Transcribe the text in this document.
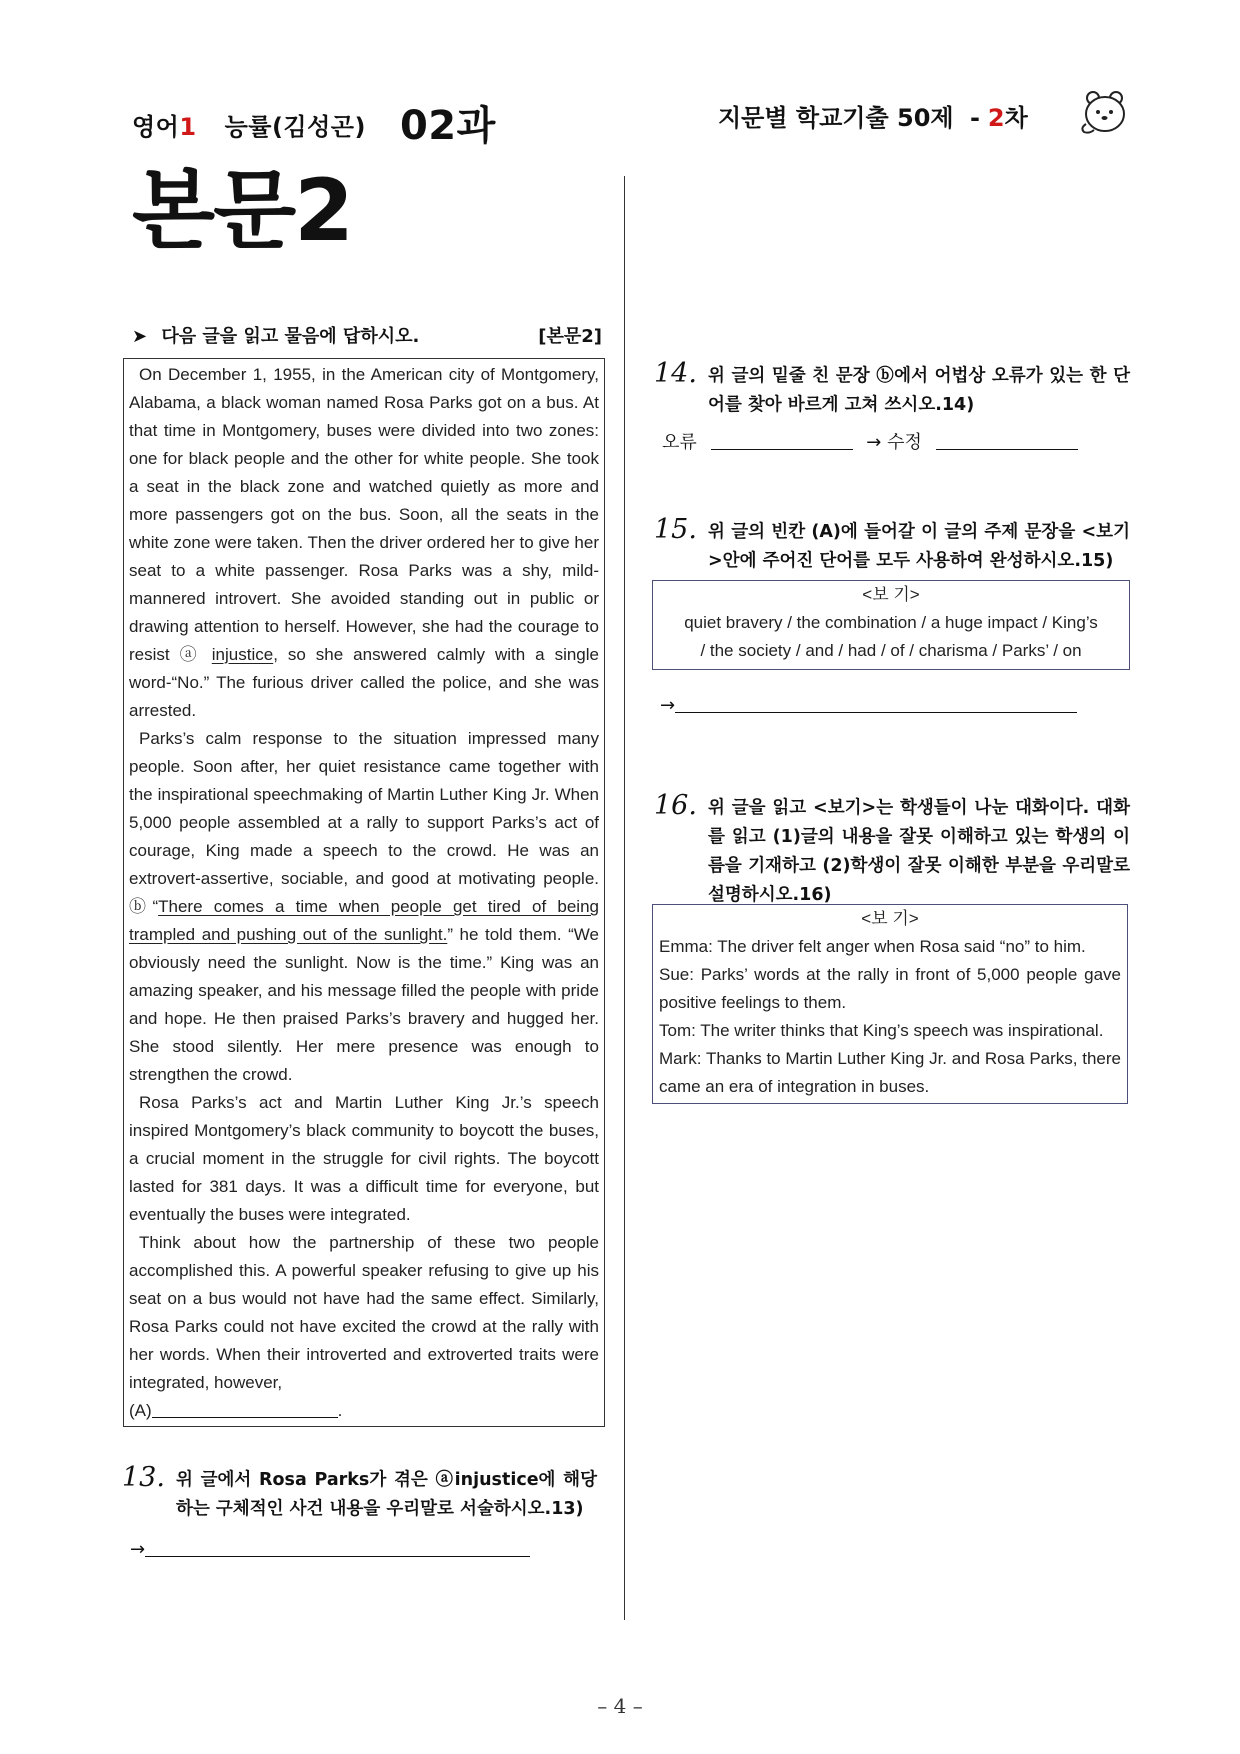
영어1 능률(김성곤) 02과	지문별 학교기출 50제 - 2차
본문2
➤ 다음 글을 읽고 물음에 답하시오.	[본문2]

On December 1, 1955, in the American city of Montgomery, Alabama, a black woman named Rosa Parks got on a bus. At that time in Montgomery, buses were divided into two zones: one for black people and the other for white people. She took a seat in the black zone and watched quietly as more and more passengers got on the bus. Soon, all the seats in the white zone were taken. Then the driver ordered her to give her seat to a white passenger. Rosa Parks was a shy, mild-mannered introvert. She avoided standing out in public or drawing attention to herself. However, she had the courage to resist ⓐ injustice, so she answered calmly with a single word-“No.” The furious driver called the police, and she was arrested.

Parks’s calm response to the situation impressed many people. Soon after, her quiet resistance came together with the inspirational speechmaking of Martin Luther King Jr. When 5,000 people assembled at a rally to support Parks’s act of courage, King made a speech to the crowd. He was an extrovert-assertive, sociable, and good at motivating people. ⓑ“There comes a time when people get tired of being trampled and pushing out of the sunlight.” he told them. “We obviously need the sunlight. Now is the time.” King was an amazing speaker, and his message filled the people with pride and hope. He then praised Parks’s bravery and hugged her. She stood silently. Her mere presence was enough to strengthen the crowd.

Rosa Parks’s act and Martin Luther King Jr.’s speech inspired Montgomery’s black community to boycott the buses, a crucial moment in the struggle for civil rights. The boycott lasted for 381 days. It was a difficult time for everyone, but eventually the buses were integrated.

Think about how the partnership of these two people accomplished this. A powerful speaker refusing to give up his seat on a bus would not have had the same effect. Similarly, Rosa Parks could not have excited the crowd at the rally with her words. When their introverted and extroverted traits were integrated, however,
(A)	.

13. 위 글에서 Rosa Parks가 겪은 ⓐinjustice에 해당하는 구체적인 사건 내용을 우리말로 서술하시오.13)
→
14. 위 글의 밑줄 친 문장 ⓑ에서 어법상 오류가 있는 한 단어를 찾아 바르게 고쳐 쓰시오.14)
오류	→ 수정
15. 위 글의 빈칸 (A)에 들어갈 이 글의 주제 문장을 <보기>안에 주어진 단어를 모두 사용하여 완성하시오.15)
<보 기>
quiet bravery / the combination / a huge impact / King’s
/ the society / and / had / of / charisma / Parks’ / on
→
16. 위 글을 읽고 <보기>는 학생들이 나눈 대화이다. 대화를 읽고 (1)글의 내용을 잘못 이해하고 있는 학생의 이름을 기재하고 (2)학생이 잘못 이해한 부분을 우리말로 설명하시오.16)
<보 기>
Emma: The driver felt anger when Rosa said “no” to him.
Sue: Parks’ words at the rally in front of 5,000 people gave positive feelings to them.
Tom: The writer thinks that King’s speech was inspirational.
Mark: Thanks to Martin Luther King Jr. and Rosa Parks, there came an era of integration in buses.
– 4 –
